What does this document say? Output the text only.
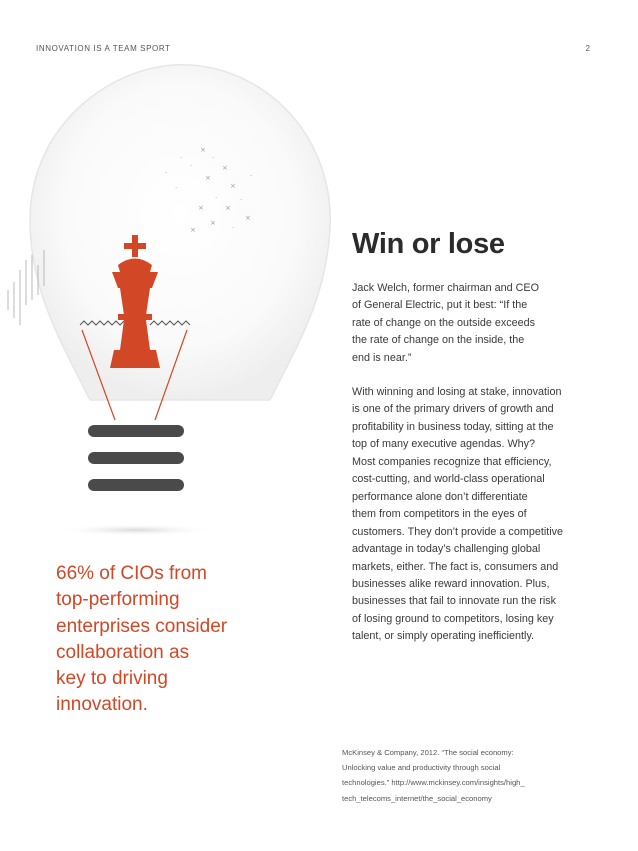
INNOVATION IS A TEAM SPORT	2
×
·
×
·
×
×
·
×	×
·
×
·
×
·
×
·
·	·
66% of CIOs from
top-performing
enterprises consider
collaboration as
key to driving
innovation.
Win or lose
Jack Welch, former chairman and CEO
of General Electric, put it best: “If the
rate of change on the outside exceeds
the rate of change on the inside, the
end is near.”
With winning and losing at stake, innovation
is one of the primary drivers of growth and
profitability in business today, sitting at the
top of many executive agendas. Why?
Most companies recognize that efficiency,
cost-cutting, and world-class operational
performance alone don’t differentiate
them from competitors in the eyes of
customers. They don’t provide a competitive
advantage in today’s challenging global
markets, either. The fact is, consumers and
businesses alike reward innovation. Plus,
businesses that fail to innovate run the risk
of losing ground to competitors, losing key
talent, or simply operating inefficiently.
McKinsey & Company, 2012. “The social economy:
Unlocking value and productivity through social
technologies.” http://www.mckinsey.com/insights/high_
tech_telecoms_internet/the_social_economy
